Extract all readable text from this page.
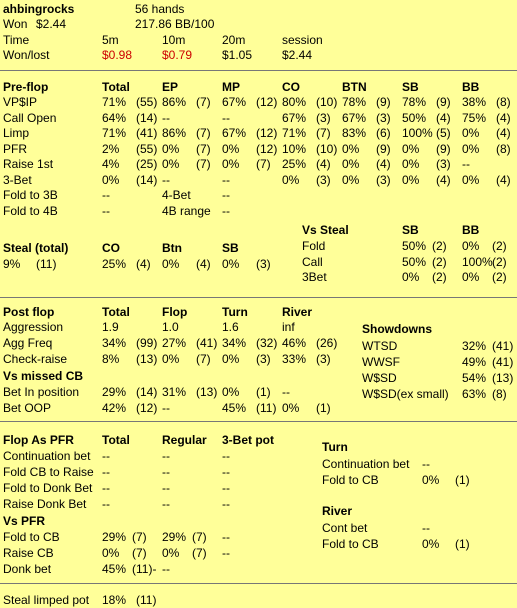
ahbingrocks	56 hands
Won $2.44	217.86 BB/100
Time	5m	10m	20m	session
Won/lost	$0.98 $0.79 $1.05 $2.44
Pre-flop	Total	EP	MP	CO	BTN	SB	BB
VP$IP	71% (55) 86% (7) 67% (12) 80% (10) 78% (9) 78% (9) 38% (8)
Call Open	64% (14) --	--	67% (3) 67% (3) 50% (4) 75% (4)
Limp	71% (41) 86% (7) 67% (12) 71% (7) 83% (6) 100% (5) 0% (4)
PFR	2% (55) 0% (7) 0% (12) 10% (10) 0% (9) 0% (9) 0% (8)
Raise 1st	4% (25) 0% (7) 0% (7) 25% (4) 0% (4) 0% (3) --
3-Bet	0% (14) --	--	0% (3) 0% (3) 0% (4) 0% (4)
Fold to 3B	--	4-Bet	--
Fold to 4B	--	4B range --
Vs Steal	SB	BB
Fold	50% (2) 0% (2)
Call	50% (2) 100% (2)
3Bet	0% (2) 0% (2)
Steal (total)	CO	Btn	SB
9% (11)	25% (4) 0% (4) 0% (3)
Post flop	Total	Flop	Turn	River
Aggression	1.9	1.0	1.6	inf
Agg Freq	34% (99) 27% (41) 34% (32) 46% (26)
Check-raise	8% (13) 0% (7) 0% (3) 33% (3)
Vs missed CB
Bet In position 29% (14) 31% (13) 0% (1) --
Bet OOP	42% (12) --	45% (11) 0% (1)
Showdowns
WTSD	32% (41)
WWSF	49% (41)
W$SD	54% (13)
W$SD(ex small) 63% (8)
Flop As PFR Total	Regular 3-Bet pot
Continuation bet --	--	--
Fold CB to Raise --	--	--
Fold to Donk Bet --	--	--
Raise Donk Bet --	--	--
Vs PFR
Fold to CB	29% (7) 29% (7) --
Raise CB	0% (7) 0% (7) --
Donk bet	45% (11)- --
Turn
Continuation bet --
Fold to CB	0% (1)
River
Cont bet	--
Fold to CB	0% (1)
Steal limped pot 18% (11)
